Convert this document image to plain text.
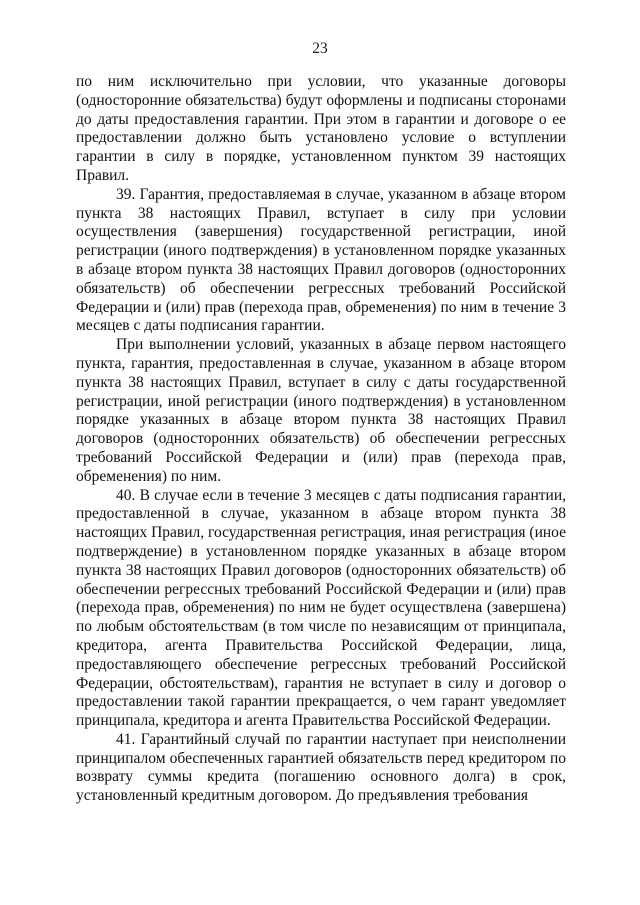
23

по ним исключительно при условии, что указанные договоры (односторонние обязательства) будут оформлены и подписаны сторонами до даты предоставления гарантии. При этом в гарантии и договоре о ее предоставлении должно быть установлено условие о вступлении гарантии в силу в порядке, установленном пунктом 39 настоящих Правил.

39. Гарантия, предоставляемая в случае, указанном в абзаце втором пункта 38 настоящих Правил, вступает в силу при условии осуществления (завершения) государственной регистрации, иной регистрации (иного подтверждения) в установленном порядке указанных в абзаце втором пункта 38 настоящих Правил договоров (односторонних обязательств) об обеспечении регрессных требований Российской Федерации и (или) прав (перехода прав, обременения) по ним в течение 3 месяцев с даты подписания гарантии.

При выполнении условий, указанных в абзаце первом настоящего пункта, гарантия, предоставленная в случае, указанном в абзаце втором пункта 38 настоящих Правил, вступает в силу с даты государственной регистрации, иной регистрации (иного подтверждения) в установленном порядке указанных в абзаце втором пункта 38 настоящих Правил договоров (односторонних обязательств) об обеспечении регрессных требований Российской Федерации и (или) прав (перехода прав, обременения) по ним.

40. В случае если в течение 3 месяцев с даты подписания гарантии, предоставленной в случае, указанном в абзаце втором пункта 38 настоящих Правил, государственная регистрация, иная регистрация (иное подтверждение) в установленном порядке указанных в абзаце втором пункта 38 настоящих Правил договоров (односторонних обязательств) об обеспечении регрессных требований Российской Федерации и (или) прав (перехода прав, обременения) по ним не будет осуществлена (завершена) по любым обстоятельствам (в том числе по независящим от принципала, кредитора, агента Правительства Российской Федерации, лица, предоставляющего обеспечение регрессных требований Российской Федерации, обстоятельствам), гарантия не вступает в силу и договор о предоставлении такой гарантии прекращается, о чем гарант уведомляет принципала, кредитора и агента Правительства Российской Федерации.

41. Гарантийный случай по гарантии наступает при неисполнении принципалом обеспеченных гарантией обязательств перед кредитором по возврату суммы кредита (погашению основного долга) в срок, установленный кредитным договором. До предъявления требования
